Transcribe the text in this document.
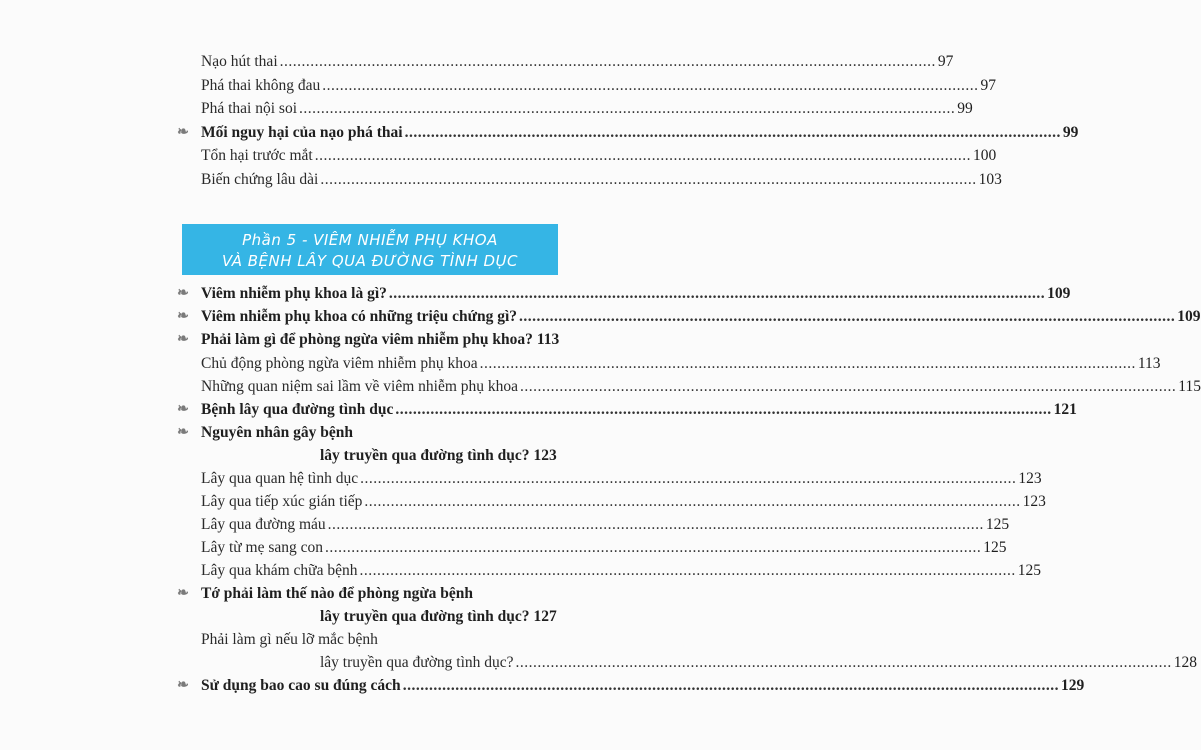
Nạo hút thai ...................................................................................................................................................... 97
Phá thai không đau ...................................................................................................................................................... 97
Phá thai nội soi ...................................................................................................................................................... 99
❧ Mối nguy hại của nạo phá thai ...................................................................................................................................................... 99
Tổn hại trước mắt ...................................................................................................................................................... 100
Biến chứng lâu dài ...................................................................................................................................................... 103
Phần 5 - VIÊM NHIỄM PHỤ KHOA
VÀ BỆNH LÂY QUA ĐƯỜNG TÌNH DỤC
❧ Viêm nhiễm phụ khoa là gì? ...................................................................................................................................................... 109
❧ Viêm nhiễm phụ khoa có những triệu chứng gì? ...................................................................................................................................................... 109
❧ Phải làm gì để phòng ngừa viêm nhiễm phụ khoa? 113
Chủ động phòng ngừa viêm nhiễm phụ khoa ...................................................................................................................................................... 113
Những quan niệm sai lầm về viêm nhiễm phụ khoa ...................................................................................................................................................... 115
❧ Bệnh lây qua đường tình dục ...................................................................................................................................................... 121
❧ Nguyên nhân gây bệnh
lây truyền qua đường tình dục? 123
Lây qua quan hệ tình dục ...................................................................................................................................................... 123
Lây qua tiếp xúc gián tiếp ...................................................................................................................................................... 123
Lây qua đường máu ...................................................................................................................................................... 125
Lây từ mẹ sang con ...................................................................................................................................................... 125
Lây qua khám chữa bệnh ...................................................................................................................................................... 125
❧ Tớ phải làm thế nào để phòng ngừa bệnh
lây truyền qua đường tình dục? 127
Phải làm gì nếu lỡ mắc bệnh
lây truyền qua đường tình dục? ...................................................................................................................................................... 128
❧ Sử dụng bao cao su đúng cách ...................................................................................................................................................... 129
